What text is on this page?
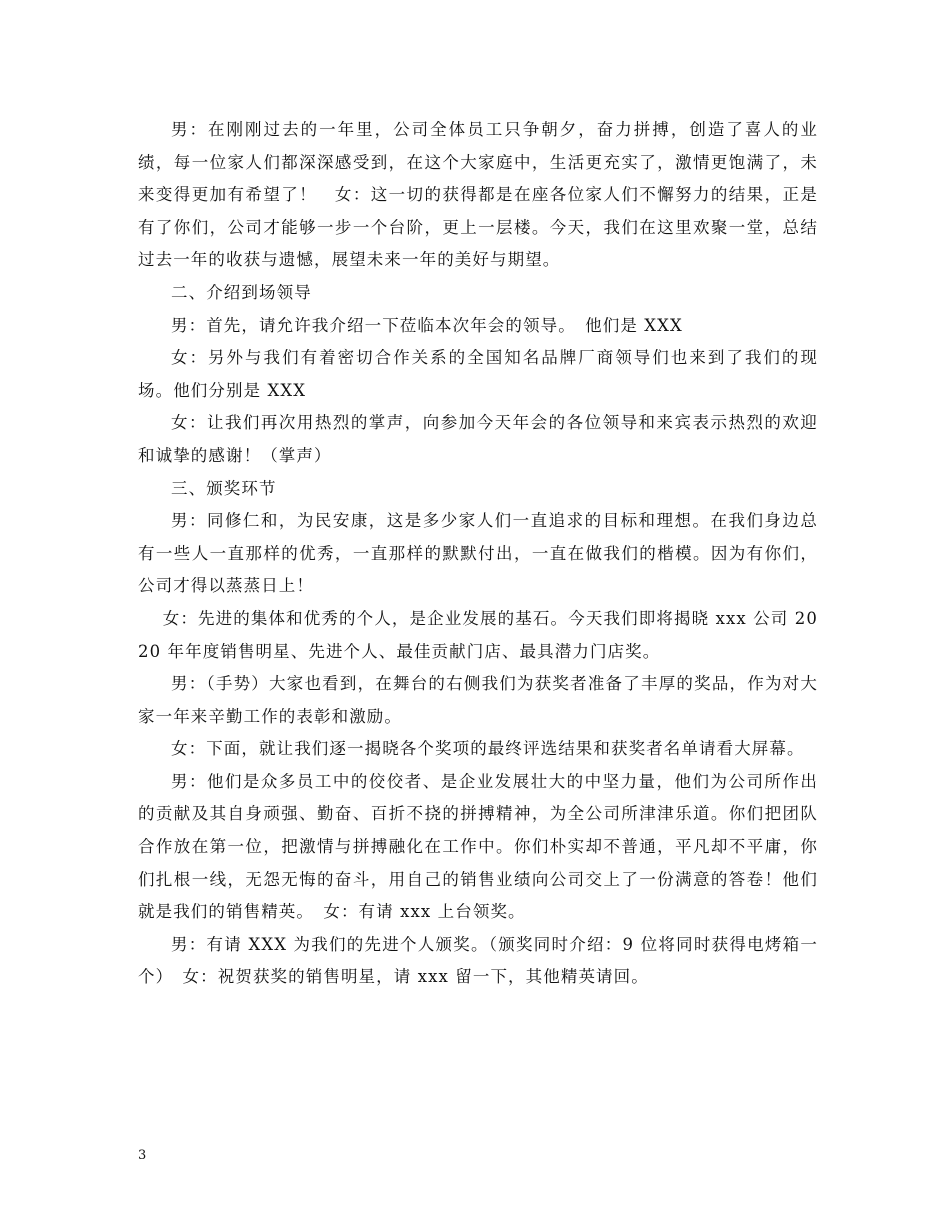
男：在刚刚过去的一年里，公司全体员工只争朝夕，奋力拼搏，创造了喜人的业绩，每一位家人们都深深感受到，在这个大家庭中，生活更充实了，激情更饱满了，未来变得更加有希望了！　女：这一切的获得都是在座各位家人们不懈努力的结果，正是有了你们，公司才能够一步一个台阶，更上一层楼。今天，我们在这里欢聚一堂，总结过去一年的收获与遗憾，展望未来一年的美好与期望。

二、介绍到场领导

男：首先，请允许我介绍一下莅临本次年会的领导。　他们是 XXX

女：另外与我们有着密切合作关系的全国知名品牌厂商领导们也来到了我们的现场。他们分别是 XXX

女：让我们再次用热烈的掌声，向参加今天年会的各位领导和来宾表示热烈的欢迎和诚挚的感谢！（掌声）

三、颁奖环节

男：同修仁和，为民安康，这是多少家人们一直追求的目标和理想。在我们身边总有一些人一直那样的优秀，一直那样的默默付出，一直在做我们的楷模。因为有你们，公司才得以蒸蒸日上！

女：先进的集体和优秀的个人，是企业发展的基石。今天我们即将揭晓 xxx 公司 2020 年年度销售明星、先进个人、最佳贡献门店、最具潜力门店奖。

男：（手势）大家也看到，在舞台的右侧我们为获奖者准备了丰厚的奖品，作为对大家一年来辛勤工作的表彰和激励。

女：下面，就让我们逐一揭晓各个奖项的最终评选结果和获奖者名单请看大屏幕。

男：他们是众多员工中的佼佼者、是企业发展壮大的中坚力量，他们为公司所作出的贡献及其自身顽强、勤奋、百折不挠的拼搏精神，为全公司所津津乐道。你们把团队合作放在第一位，把激情与拼搏融化在工作中。你们朴实却不普通，平凡却不平庸，你们扎根一线，无怨无悔的奋斗，用自己的销售业绩向公司交上了一份满意的答卷！他们就是我们的销售精英。　女：有请 xxx 上台领奖。

男：有请 XXX 为我们的先进个人颁奖。（颁奖同时介绍：9 位将同时获得电烤箱一个）　女：祝贺获奖的销售明星，请 xxx 留一下，其他精英请回。

3
